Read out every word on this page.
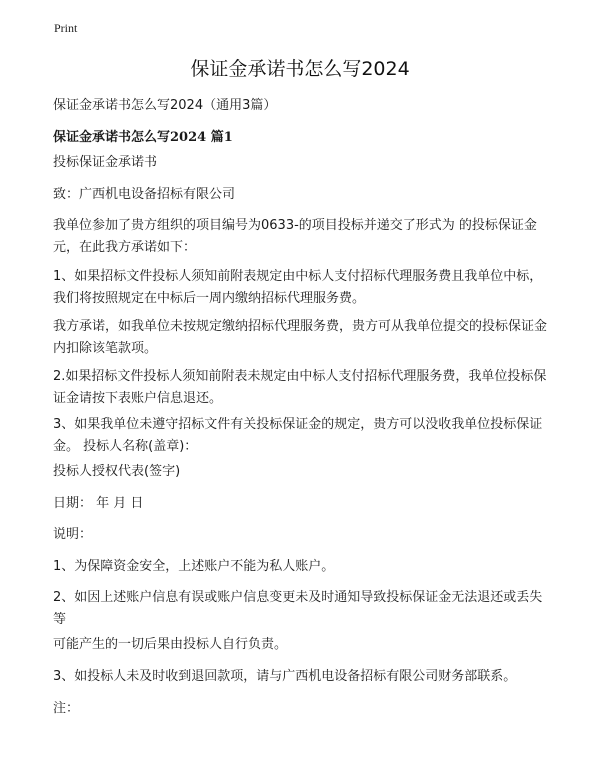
Print
保证金承诺书怎么写2024

保证金承诺书怎么写2024（通用3篇）

保证金承诺书怎么写2024 篇1

投标保证金承诺书

致：广西机电设备招标有限公司

我单位参加了贵方组织的项目编号为0633-的项目投标并递交了形式为 的投标保证金 元，在此我方承诺如下：

1、如果招标文件投标人须知前附表规定由中标人支付招标代理服务费且我单位中标，我们将按照规定在中标后一周内缴纳招标代理服务费。

我方承诺，如我单位未按规定缴纳招标代理服务费，贵方可从我单位提交的投标保证金 内扣除该笔款项。

2.如果招标文件投标人须知前附表未规定由中标人支付招标代理服务费，我单位投标保 证金请按下表账户信息退还。

3、如果我单位未遵守招标文件有关投标保证金的规定，贵方可以没收我单位投标保证金。 投标人名称(盖章)：

投标人授权代表(签字)

日期： 年 月 日

说明：

1、为保障资金安全，上述账户不能为私人账户。

2、如因上述账户信息有误或账户信息变更未及时通知导致投标保证金无法退还或丢失等

可能产生的一切后果由投标人自行负责。

3、如投标人未及时收到退回款项，请与广西机电设备招标有限公司财务部联系。

注：
